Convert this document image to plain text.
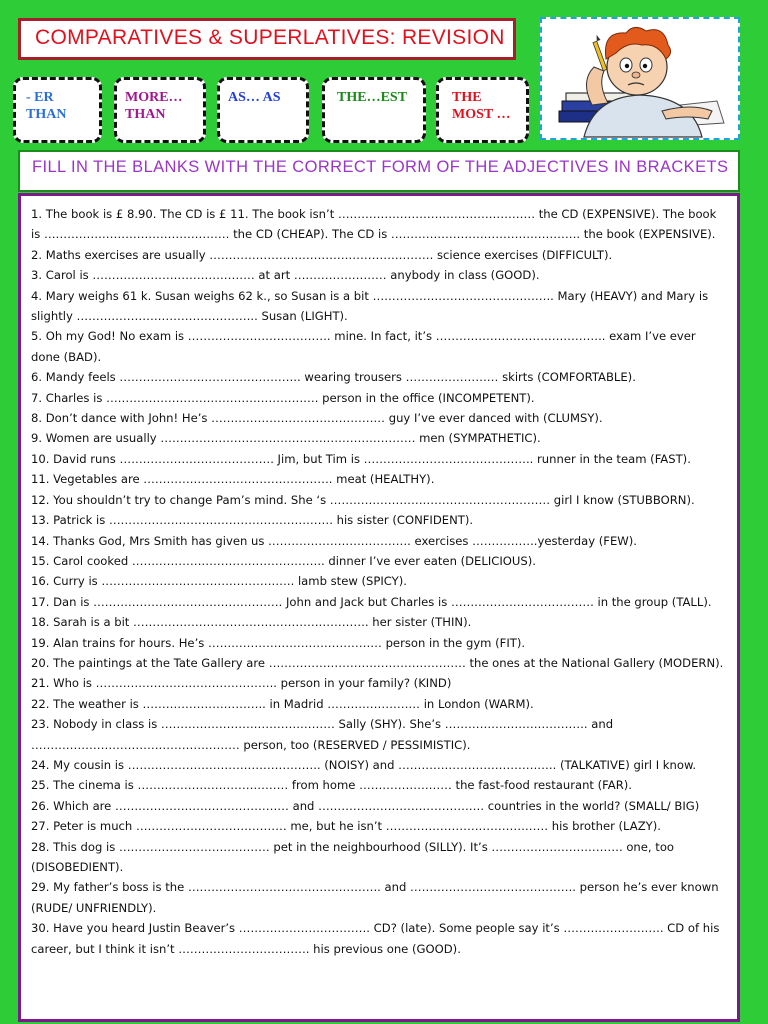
COMPARATIVES & SUPERLATIVES: REVISION
- ER
THAN
MORE…
THAN
AS… AS	THE…EST	THE
MOST …
FILL IN THE BLANKS WITH THE CORRECT FORM OF THE ADJECTIVES IN BRACKETS

1. The book is £ 8.90. The CD is £ 11. The book isn’t …………………………………………… the CD (EXPENSIVE). The book is ………………………………………… the CD (CHEAP). The CD is …………………………………………. the book (EXPENSIVE).

2. Maths exercises are usually …………………………………………………. science exercises (DIFFICULT).

3. Carol is …………………………………… at art …………………… anybody in class (GOOD).

4. Mary weighs 61 k. Susan weighs 62 k., so Susan is a bit ……………………………………….. Mary (HEAVY) and Mary is slightly ……………………………………….. Susan (LIGHT).

5. Oh my God! No exam is ………………………………. mine. In fact, it’s …………………………………….. exam I’ve ever done (BAD).

6. Mandy feels ……………………………………….. wearing trousers …………………… skirts (COMFORTABLE).

7. Charles is ………………………………………………. person in the office (INCOMPETENT).

8. Don’t dance with John! He’s ……………………………………… guy I’ve ever danced with (CLUMSY).

9. Women are usually ………………………………………………………… men (SYMPATHETIC).

10. David runs …………………………………. Jim, but Tim is …………………………………….. runner in the team (FAST).

11. Vegetables are …………………………………………. meat (HEALTHY).

12. You shouldn’t try to change Pam’s mind. She ‘s ………………………………………………… girl I know (STUBBORN).

13. Patrick is …………………………………………………. his sister (CONFIDENT).

14. Thanks God, Mrs Smith has given us ………………………………. exercises ……………..yesterday (FEW).

15. Carol cooked ………………………………………….. dinner I’ve ever eaten (DELICIOUS).

16. Curry is ………………………………………….. lamb stew (SPICY).

17. Dan is …………………………………………. John and Jack but Charles is ………………………………. in the group (TALL).

18. Sarah is a bit ……………………………………………………. her sister (THIN).

19. Alan trains for hours. He’s ……………………………………… person in the gym (FIT).

20. The paintings at the Tate Gallery are …………………………………………… the ones at the National Gallery (MODERN).

21. Who is ……………………………………….. person in your family? (KIND)

22. The weather is ………………………….. in Madrid …………………… in London (WARM).

23. Nobody in class is ……………………………………… Sally (SHY). She’s ………………………………. and ……………………………………………… person, too (RESERVED / PESSIMISTIC).

24. My cousin is ………………………………………….. (NOISY) and ………………………………….. (TALKATIVE) girl I know.

25. The cinema is ………………………………… from home …………………… the fast-food restaurant (FAR).

26. Which are ……………………………………… and ……………………………………. countries in the world? (SMALL/ BIG)

27. Peter is much ………………………………… me, but he isn’t …………………………………… his brother (LAZY).

28. This dog is ………………………………… pet in the neighbourhood (SILLY). It’s ……………………………. one, too (DISOBEDIENT).

29. My father’s boss is the ………………………………………….. and ……………………………………. person he’s ever known (RUDE/ UNFRIENDLY).

30. Have you heard Justin Beaver’s ……………………………. CD? (late). Some people say it’s …………………….. CD of his career, but I think it isn’t ……………………………. his previous one (GOOD).
